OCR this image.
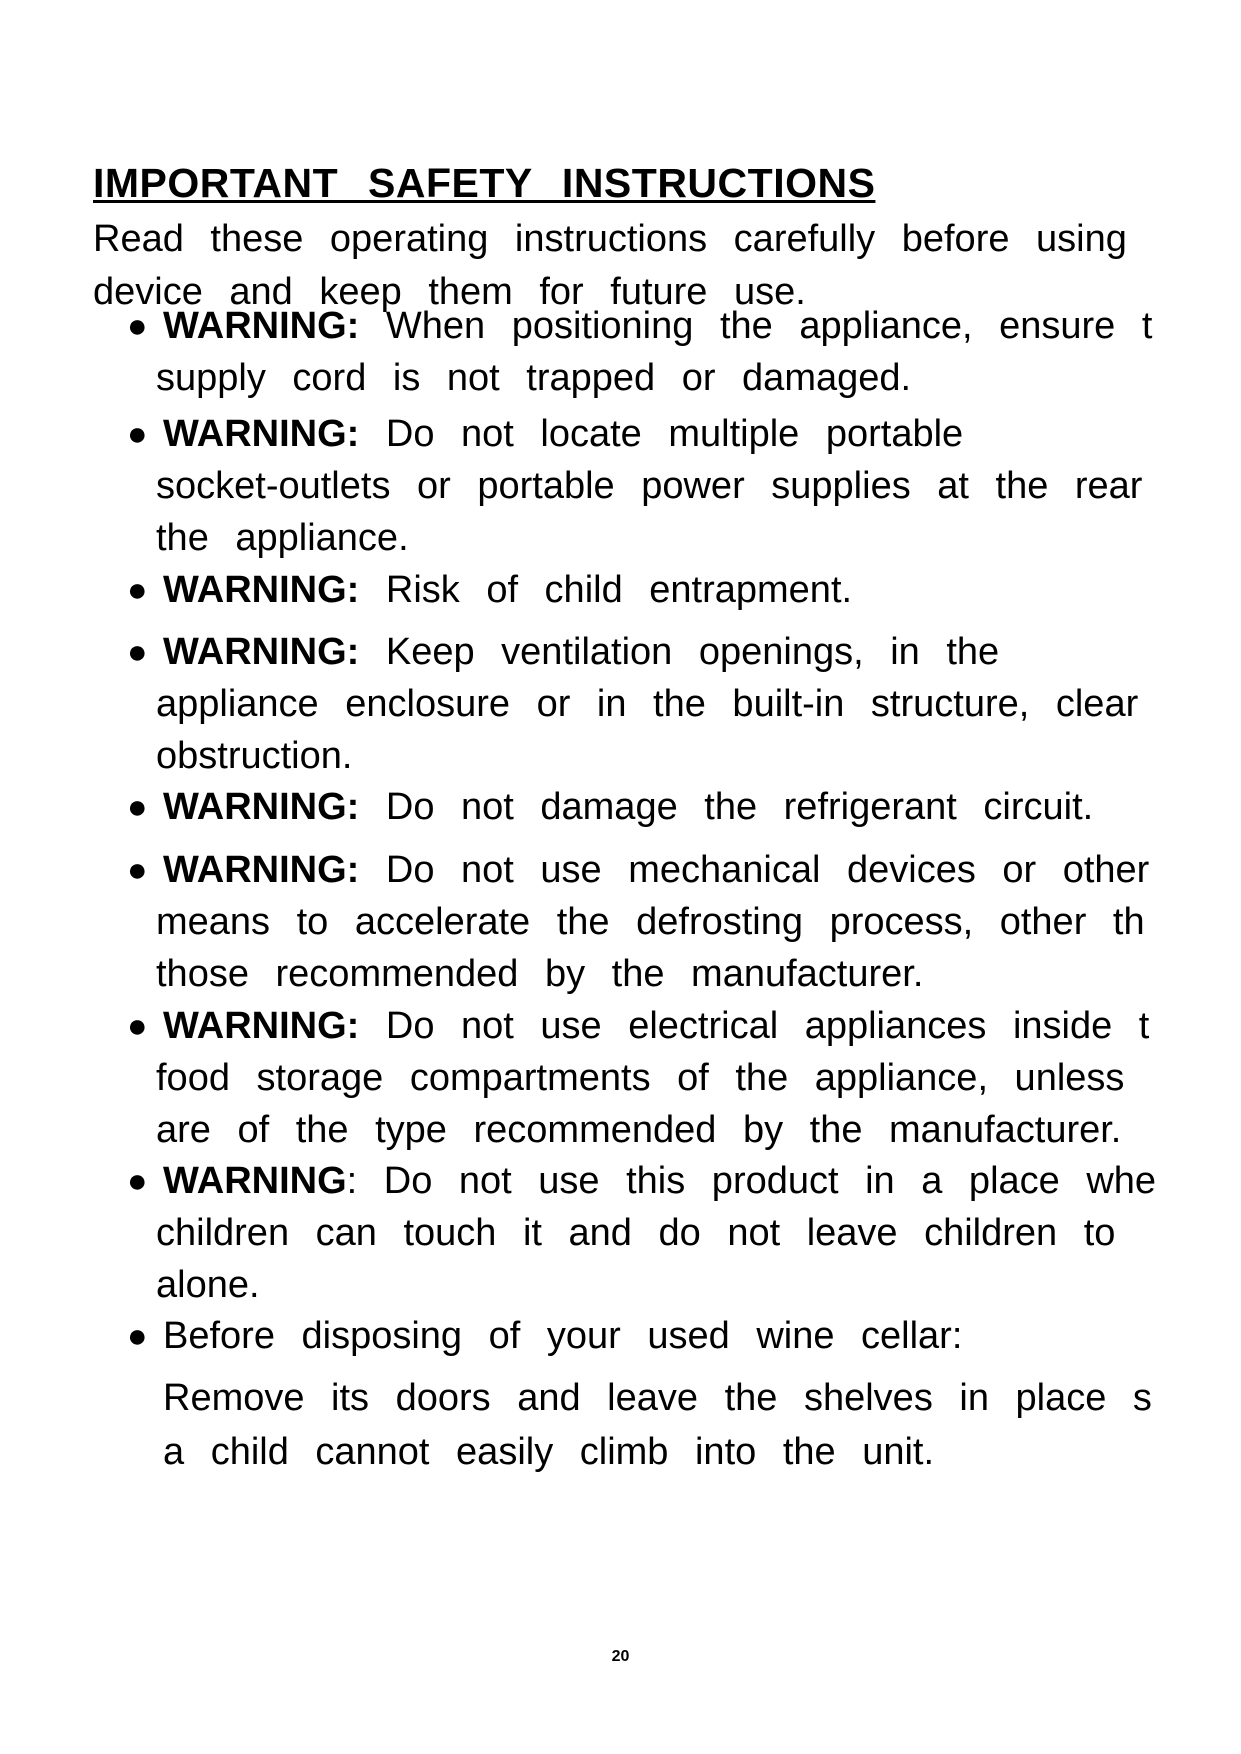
IMPORTANT SAFETY INSTRUCTIONS
Read these operating instructions carefully before using
device and keep them for future use.
● WARNING: When positioning the appliance, ensure t
supply cord is not trapped or damaged.
● WARNING: Do not locate multiple portable
socket-outlets or portable power supplies at the rear
the appliance.
● WARNING: Risk of child entrapment.
● WARNING: Keep ventilation openings, in the
appliance enclosure or in the built-in structure, clear
obstruction.
● WARNING: Do not damage the refrigerant circuit.
● WARNING: Do not use mechanical devices or other
means to accelerate the defrosting process, other th
those recommended by the manufacturer.
● WARNING: Do not use electrical appliances inside t
food storage compartments of the appliance, unless
are of the type recommended by the manufacturer.
● WARNING: Do not use this product in a place whe
children can touch it and do not leave children to
alone.
● Before disposing of your used wine cellar:
Remove its doors and leave the shelves in place s
a child cannot easily climb into the unit.
20
